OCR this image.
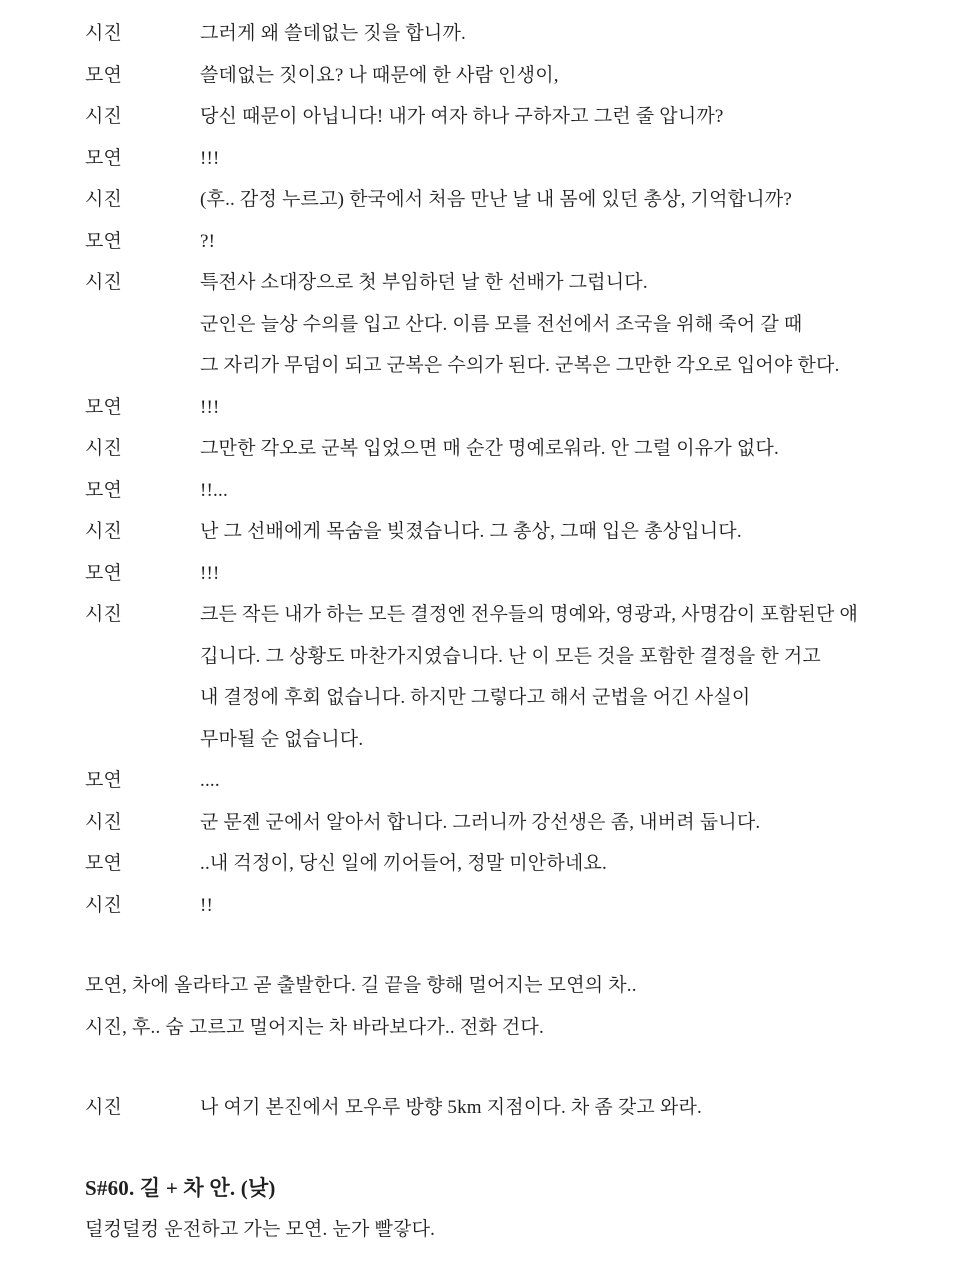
시진	그러게 왜 쓸데없는 짓을 합니까.
모연	쓸데없는 짓이요? 나 때문에 한 사람 인생이,
시진	당신 때문이 아닙니다! 내가 여자 하나 구하자고 그런 줄 압니까?
모연	!!!
시진	(후.. 감정 누르고) 한국에서 처음 만난 날 내 몸에 있던 총상, 기억합니까?
모연	?!
시진	특전사 소대장으로 첫 부임하던 날 한 선배가 그럽니다.
군인은 늘상 수의를 입고 산다. 이름 모를 전선에서 조국을 위해 죽어 갈 때
그 자리가 무덤이 되고 군복은 수의가 된다. 군복은 그만한 각오로 입어야 한다.
모연	!!!
시진	그만한 각오로 군복 입었으면 매 순간 명예로워라. 안 그럴 이유가 없다.
모연	!!...
시진	난 그 선배에게 목숨을 빚졌습니다. 그 총상, 그때 입은 총상입니다.
모연	!!!
시진	크든 작든 내가 하는 모든 결정엔 전우들의 명예와, 영광과, 사명감이 포함된단 얘
깁니다. 그 상황도 마찬가지였습니다. 난 이 모든 것을 포함한 결정을 한 거고
내 결정에 후회 없습니다. 하지만 그렇다고 해서 군법을 어긴 사실이
무마될 순 없습니다.
모연	....
시진	군 문젠 군에서 알아서 합니다. 그러니까 강선생은 좀, 내버려 둡니다.
모연	..내 걱정이, 당신 일에 끼어들어, 정말 미안하네요.
시진	!!
모연, 차에 올라타고 곧 출발한다. 길 끝을 향해 멀어지는 모연의 차..
시진, 후.. 숨 고르고 멀어지는 차 바라보다가.. 전화 건다.
시진	나 여기 본진에서 모우루 방향 5km 지점이다. 차 좀 갖고 와라.
S#60. 길 + 차 안. (낮)
덜컹덜컹 운전하고 가는 모연. 눈가 빨갛다.
